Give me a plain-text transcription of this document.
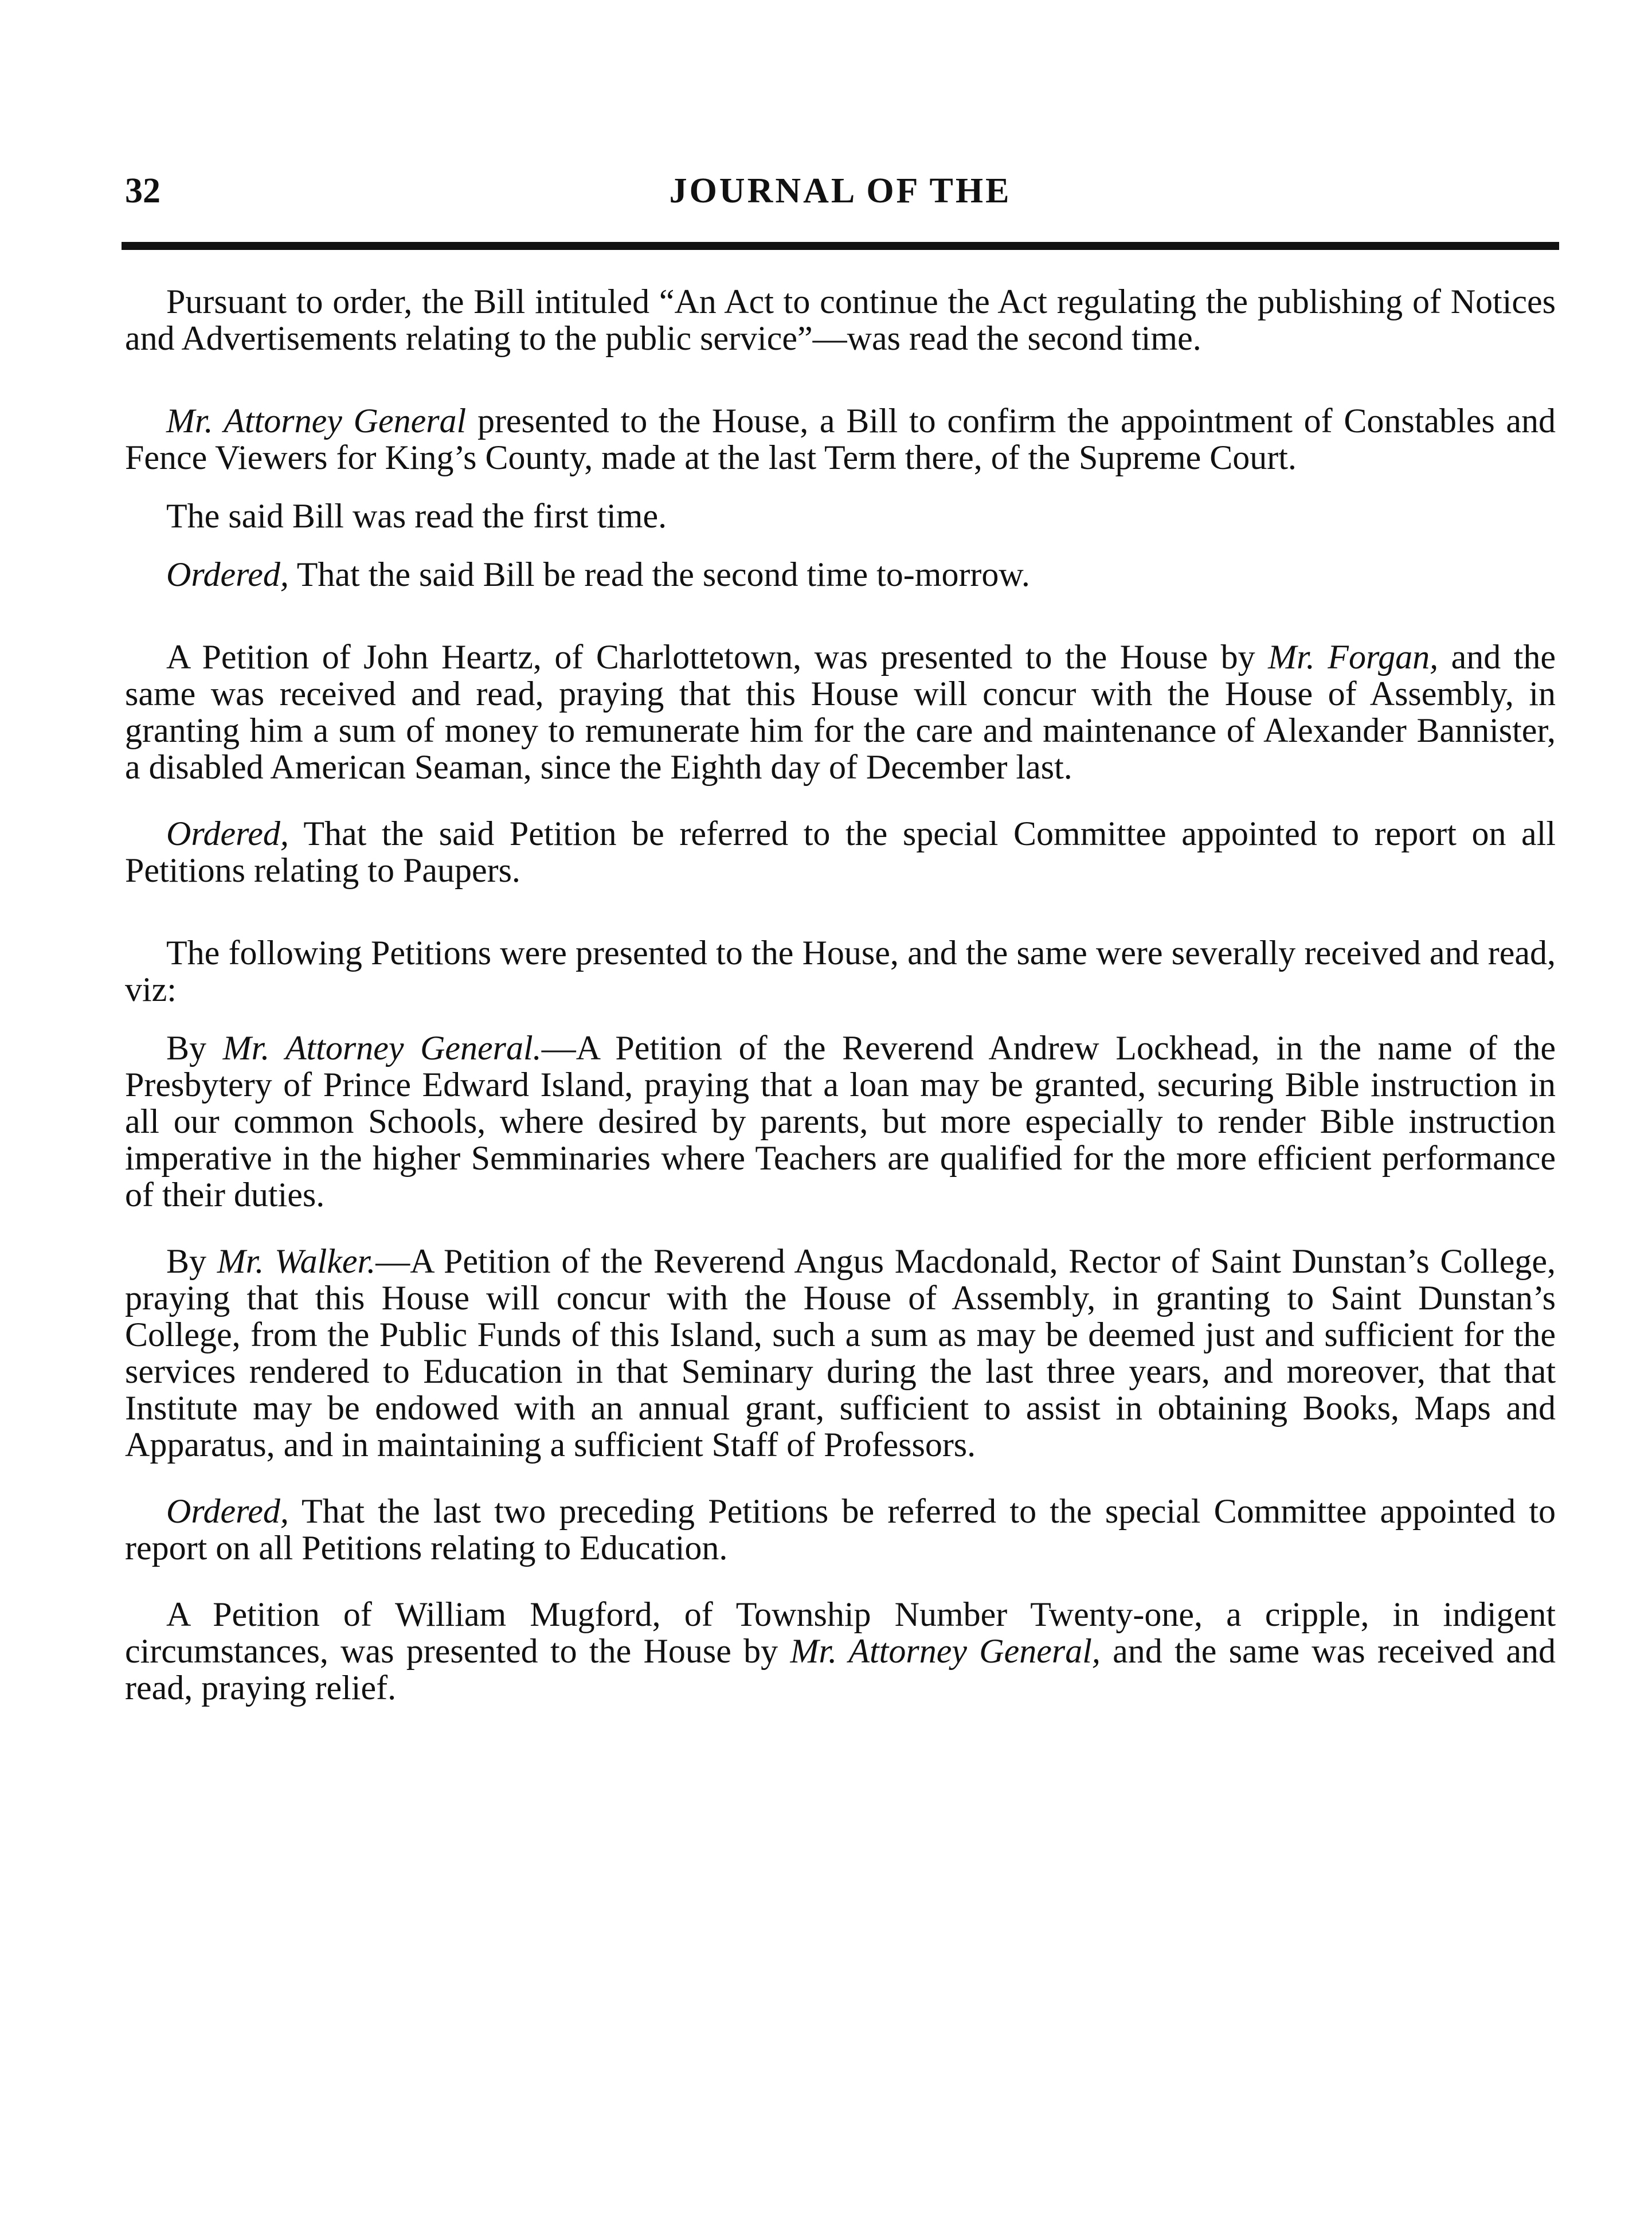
32	JOURNAL OF THE

Pursuant to order, the Bill intituled “An Act to continue the Act regulating the publishing of Notices and Advertisements relating to the public service”—was read the second time.

Mr. Attorney General presented to the House, a Bill to confirm the appointment of Constables and Fence Viewers for King’s County, made at the last Term there, of the Supreme Court.

The said Bill was read the first time.

Ordered, That the said Bill be read the second time to-morrow.

A Petition of John Heartz, of Charlottetown, was presented to the House by Mr. Forgan, and the same was received and read, praying that this House will concur with the House of Assembly, in granting him a sum of money to remunerate him for the care and maintenance of Alexander Bannister, a disabled American Seaman, since the Eighth day of December last.

Ordered, That the said Petition be referred to the special Committee appointed to report on all Petitions relating to Paupers.

The following Petitions were presented to the House, and the same were severally received and read, viz:

By Mr. Attorney General.—A Petition of the Reverend Andrew Lockhead, in the name of the Presbytery of Prince Edward Island, praying that a loan may be granted, securing Bible instruction in all our common Schools, where desired by parents, but more especially to render Bible instruction imperative in the higher Semminaries where Teachers are qualified for the more efficient performance of their duties.

By Mr. Walker.—A Petition of the Reverend Angus Macdonald, Rector of Saint Dunstan’s College, praying that this House will concur with the House of Assembly, in granting to Saint Dunstan’s College, from the Public Funds of this Island, such a sum as may be deemed just and sufficient for the services rendered to Education in that Seminary during the last three years, and moreover, that that Institute may be endowed with an annual grant, sufficient to assist in obtaining Books, Maps and Apparatus, and in maintaining a sufficient Staff of Professors.

Ordered, That the last two preceding Petitions be referred to the special Committee appointed to report on all Petitions relating to Education.

A Petition of William Mugford, of Township Number Twenty-one, a cripple, in indigent circumstances, was presented to the House by Mr. Attorney General, and the same was received and read, praying relief.
